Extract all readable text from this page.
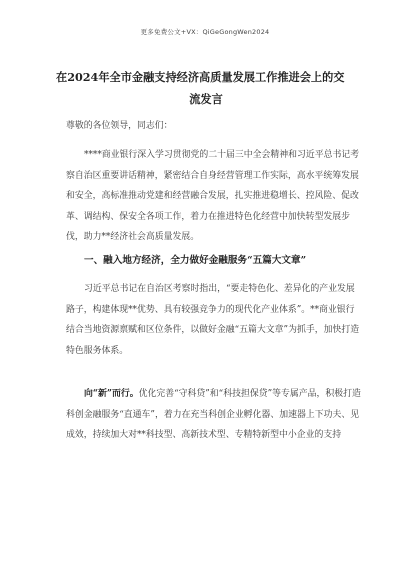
更多免费公文+VX：QiGeGongWen2024
在2024年全市金融支持经济高质量发展工作推进会上的交
流发言
尊敬的各位领导，同志们：
****商业银行深入学习贯彻党的二十届三中全会精神和习近平总书记考察自治区重要讲话精神，紧密结合自身经营管理工作实际，高水平统筹发展和安全，高标准推动党建和经营融合发展，扎实推进稳增长、控风险、促改革、调结构、保安全各项工作，着力在推进特色化经营中加快转型发展步伐，助力**经济社会高质量发展。
一、融入地方经济，全力做好金融服务“五篇大文章”
习近平总书记在自治区考察时指出，“要走特色化、差异化的产业发展路子，构建体现**优势、具有较强竞争力的现代化产业体系”。**商业银行结合当地资源禀赋和区位条件，以做好金融“五篇大文章”为抓手，加快打造特色服务体系。
向“新”而行。优化完善“守科贷”和“科技担保贷”等专属产品，积极打造科创金融服务“直通车”，着力在充当科创企业孵化器、加速器上下功夫、见成效，持续加大对**科技型、高新技术型、专精特新型中小企业的支持
